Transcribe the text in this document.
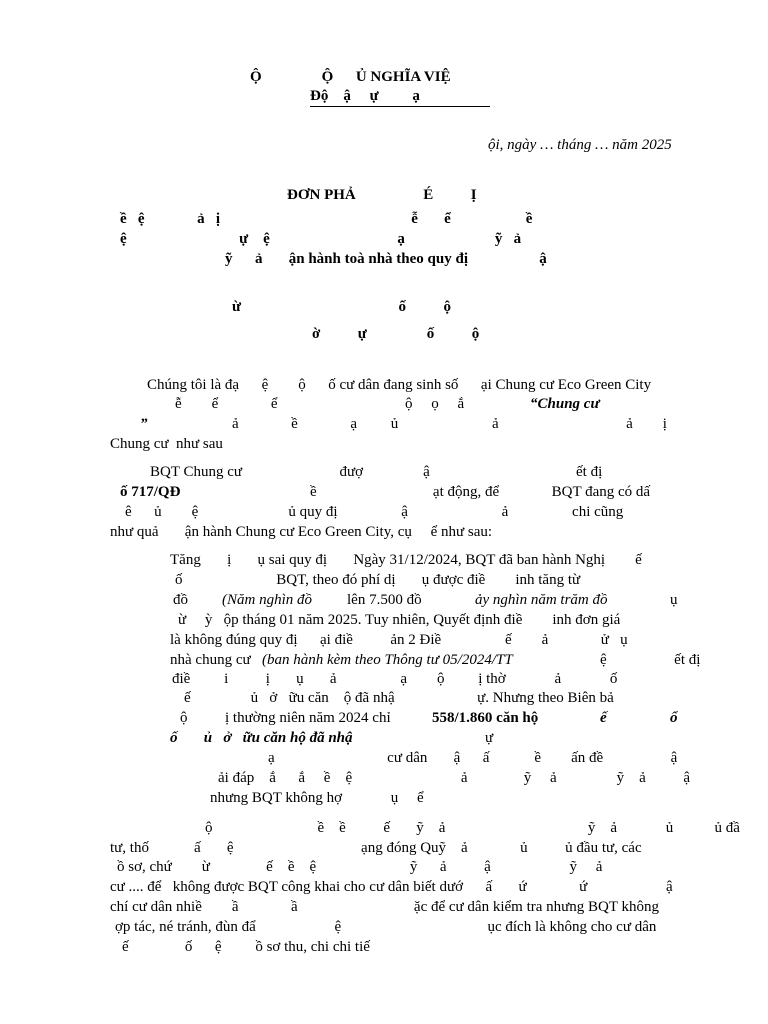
Ộ                Ộ      Ủ NGHĨA VIỆ
Độ    ậ     ự         ạ
ội, ngày … tháng … năm 2025
ĐƠN PHẢ                  É          Ị
ề   ệ              ả   ị                                                   ễ       ể                    ề
ệ                              ự    ệ                                  ạ                        ỹ   ả
ỹ      ả       ận hành toà nhà theo quy đị                   ậ
ừ                                          ố          ộ
ờ          ự                ố          ộ
Chúng tôi là đạ      ệ        ộ      ố cư dân đang sinh số      ại Chung cư Eco Green City
ễ        ể              ể                                  ộ     ọ     ắ	“Chung cư
”	ả              ề              ạ         ủ                         ả                                  ả        ị
Chung cư  như sau
BQT Chung cư                          đượ                ậ                                       ết đị
ố 717/QĐ	ề                               ạt động, để              BQT đang có dấ
ê      ủ        ệ                        ủ quy đị                 ậ                         ả                 chi cũng
như quả       ận hành Chung cư Eco Green City, cụ     ể như sau:
Tăng       ị       ụ sai quy đị       Ngày 31/12/2024, BQT đã ban hành Nghị        ế
ố                         BQT, theo đó phí dị       ụ được điề        inh tăng từ
đồ (Năm nghìn đồ lên 7.500 đồ	ảy nghìn năm trăm đồ	ụ
ừ     ỳ   ộp tháng 01 năm 2025. Tuy nhiên, Quyết định điề        inh đơn giá
là không đúng quy đị      ại điề          ản 2 Điề                 ế        ả              ử   ụ
nhà chung cư (ban hành kèm theo Thông tư 05/2024/TT	ệ                  ết đị
điề         i          ị       ụ       ả                 ạ        ộ         ị thờ             ả             ố
ế                ủ   ở   ữu căn    ộ đã nhậ                      ự. Nhưng theo Biên bả
ộ          ị thường niên năm 2024 chỉ	558/1.860 căn hộ	ế	ổ
ố       ủ   ở   ữu căn hộ đã nhậ	ự
ạ                              cư dân       ậ      ấ            ề        ấn đề                  ậ
ải đáp    ắ      ắ     ề    ệ                             ả               ỹ     ả                ỹ    ả          ậ
nhưng BQT không hợ             ụ     ể
ộ                            ề    ề          ế       ỹ    ả                                      ỹ    ả             ủ           ủ đầ
tư, thố            ấ       ệ                                  ạng đóng Quỹ    ả              ủ          ủ đầu tư, các
ồ sơ, chứ        ừ               ế    ề    ệ                         ỹ      ả          ậ                     ỹ     ả
cư .... để   không được BQT công khai cho cư dân biết dướ      ấ       ứ              ứ                     ậ
chí cư dân nhiề        ầ              ầ                               ặc để cư dân kiểm tra nhưng BQT không
ợp tác, né tránh, đùn đẩ                     ệ                                       ục đích là không cho cư dân
ế               ố      ệ         ồ sơ thu, chi chi tiế
